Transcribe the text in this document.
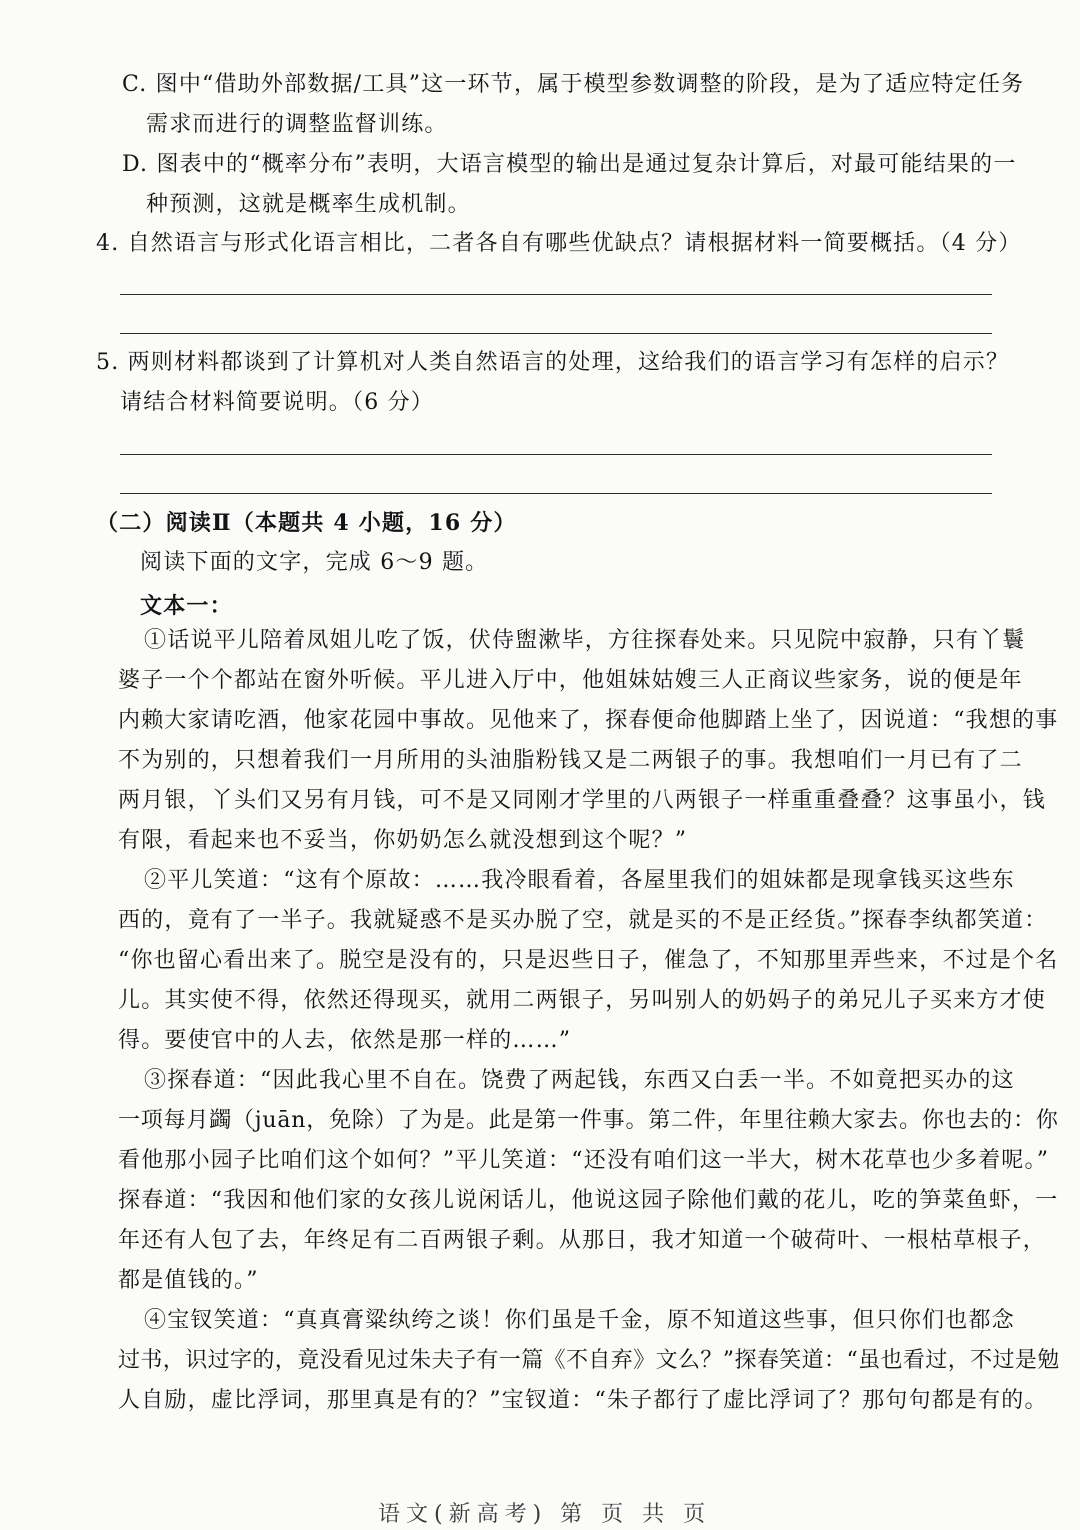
C. 图中“借助外部数据/工具”这一环节，属于模型参数调整的阶段，是为了适应特定任务
需求而进行的调整监督训练。
D. 图表中的“概率分布”表明，大语言模型的输出是通过复杂计算后，对最可能结果的一
种预测，这就是概率生成机制。
4. 自然语言与形式化语言相比，二者各自有哪些优缺点？请根据材料一简要概括。（4 分）
5. 两则材料都谈到了计算机对人类自然语言的处理，这给我们的语言学习有怎样的启示？
请结合材料简要说明。（6 分）
（二）阅读Ⅱ（本题共 4 小题，16 分）
阅读下面的文字，完成 6～9 题。
文本一：
①话说平儿陪着凤姐儿吃了饭，伏侍盥漱毕，方往探春处来。只见院中寂静，只有丫鬟
婆子一个个都站在窗外听候。平儿进入厅中，他姐妹姑嫂三人正商议些家务，说的便是年
内赖大家请吃酒，他家花园中事故。见他来了，探春便命他脚踏上坐了，因说道：“我想的事
不为别的，只想着我们一月所用的头油脂粉钱又是二两银子的事。我想咱们一月已有了二
两月银，丫头们又另有月钱，可不是又同刚才学里的八两银子一样重重叠叠？这事虽小，钱
有限，看起来也不妥当，你奶奶怎么就没想到这个呢？”
②平儿笑道：“这有个原故：……我冷眼看着，各屋里我们的姐妹都是现拿钱买这些东
西的，竟有了一半子。我就疑惑不是买办脱了空，就是买的不是正经货。”探春李纨都笑道：
“你也留心看出来了。脱空是没有的，只是迟些日子，催急了，不知那里弄些来，不过是个名
儿。其实使不得，依然还得现买，就用二两银子，另叫别人的奶妈子的弟兄儿子买来方才使
得。要使官中的人去，依然是那一样的……”
③探春道：“因此我心里不自在。饶费了两起钱，东西又白丢一半。不如竟把买办的这
一项每月蠲（juān，免除）了为是。此是第一件事。第二件，年里往赖大家去。你也去的：你
看他那小园子比咱们这个如何？”平儿笑道：“还没有咱们这一半大，树木花草也少多着呢。”
探春道：“我因和他们家的女孩儿说闲话儿，他说这园子除他们戴的花儿，吃的笋菜鱼虾，一
年还有人包了去，年终足有二百两银子剩。从那日，我才知道一个破荷叶、一根枯草根子，
都是值钱的。”
④宝钗笑道：“真真膏粱纨绔之谈！你们虽是千金，原不知道这些事，但只你们也都念
过书，识过字的，竟没看见过朱夫子有一篇《不自弃》文么？”探春笑道：“虽也看过，不过是勉
人自励，虚比浮词，那里真是有的？”宝钗道：“朱子都行了虚比浮词了？那句句都是有的。
语文(新高考) 第 页 共 页
